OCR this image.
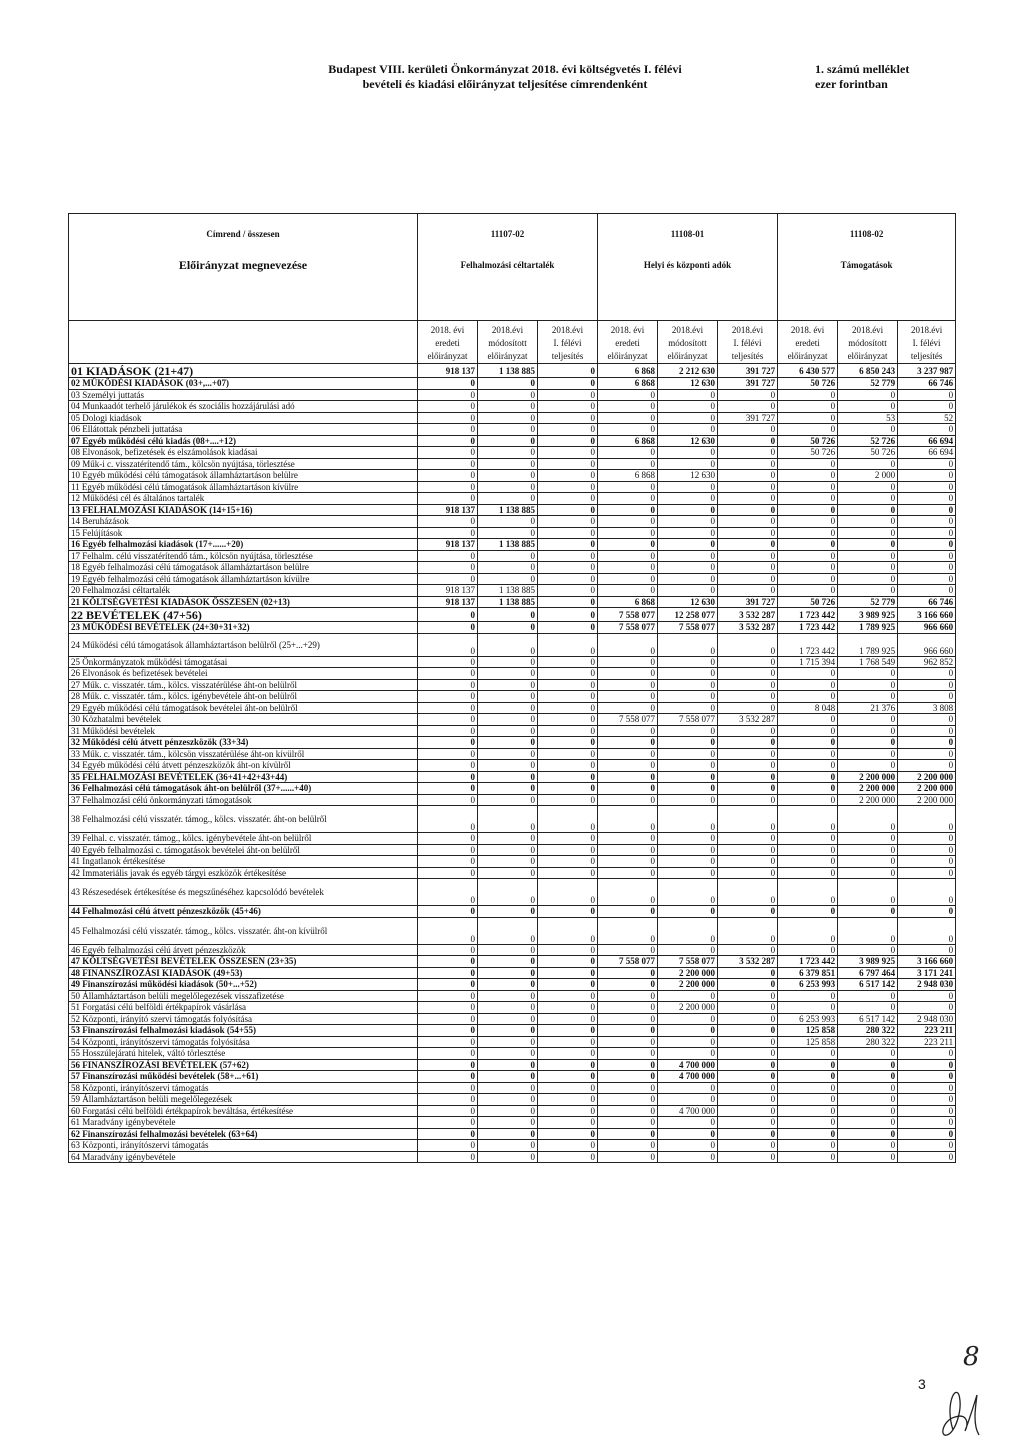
Budapest VIII. kerületi Önkormányzat 2018. évi költségvetés I. félévi
bevételi és kiadási előirányzat teljesítése címrendenként
1. számú melléklet
ezer forintban
Címrend / összesen	11107-02			11108-01			11108-02		
Előirányzat megnevezése	Felhalmozási céltartalék			Helyi és központi adók			Támogatások		

	2018. évi
eredeti
előirányzat	2018.évi
módosított
előirányzat	2018.évi
I. félévi
teljesítés	2018. évi
eredeti
előirányzat	2018.évi
módosított
előirányzat	2018.évi
I. félévi
teljesítés	2018. évi
eredeti
előirányzat	2018.évi
módosított
előirányzat	2018.évi
I. félévi
teljesítés

01 KIADÁSOK (21+47)	918 137	1 138 885	0	6 868	2 212 630	391 727	6 430 577	6 850 243	3 237 987
02 MŰKÖDÉSI KIADÁSOK (03+,...+07)	0	0	0	6 868	12 630	391 727	50 726	52 779	66 746
03 Személyi juttatás	0	0	0	0	0	0	0	0	0
04 Munkaadót terhelő járulékok és szociális hozzájárulási adó	0	0	0	0	0	0	0	0	0
05 Dologi kiadások	0	0	0	0	0	391 727	0	53	52
06 Ellátottak pénzbeli juttatása	0	0	0	0	0	0	0	0	0
07 Egyéb működési célú kiadás (08+....+12)	0	0	0	6 868	12 630	0	50 726	52 726	66 694
08 Elvonások, befizetések és elszámolások kiadásai	0	0	0	0	0	0	50 726	50 726	66 694
09 Műk-i c. visszatérítendő tám., kölcsön nyújtása, törlesztése	0	0	0	0	0	0	0	0	0
10 Egyéb működési célú támogatások államháztartáson belülre	0	0	0	6 868	12 630	0	0	2 000	0
11 Egyéb működési célú támogatások államháztartáson kívülre	0	0	0	0	0	0	0	0	0
12 Működési cél és általános tartalék	0	0	0	0	0	0	0	0	0
13 FELHALMOZÁSI KIADÁSOK (14+15+16)	918 137	1 138 885	0	0	0	0	0	0	0
14 Beruházások	0	0	0	0	0	0	0	0	0
15 Felújítások	0	0	0	0	0	0	0	0	0
16 Egyéb felhalmozási kiadások (17+......+20)	918 137	1 138 885	0	0	0	0	0	0	0
17 Felhalm. célú visszatérítendő tám., kölcsön nyújtása, törlesztése	0	0	0	0	0	0	0	0	0
18 Egyéb felhalmozási célú támogatások államháztartáson belülre	0	0	0	0	0	0	0	0	0
19 Egyéb felhalmozási célú támogatások államháztartáson kívülre	0	0	0	0	0	0	0	0	0
20 Felhalmozási céltartalék	918 137	1 138 885	0	0	0	0	0	0	0
21 KÖLTSÉGVETÉSI KIADÁSOK ÖSSZESEN (02+13)	918 137	1 138 885	0	6 868	12 630	391 727	50 726	52 779	66 746
22 BEVÉTELEK (47+56)	0	0	0	7 558 077	12 258 077	3 532 287	1 723 442	3 989 925	3 166 660
23 MŰKÖDÉSI BEVÉTELEK (24+30+31+32)	0	0	0	7 558 077	7 558 077	3 532 287	1 723 442	1 789 925	966 660
24 Működési célú támogatások államháztartáson belülről (25+...+29)	0	0	0	0	0	0	1 723 442	1 789 925	966 660
25 Önkormányzatok működési támogatásai	0	0	0	0	0	0	1 715 394	1 768 549	962 852
26 Elvonások és befizetések bevételei	0	0	0	0	0	0	0	0	0
27 Műk. c. visszatér. tám., kölcs. visszatérülése áht-on belülről	0	0	0	0	0	0	0	0	0
28 Műk. c. visszatér. tám., kölcs. igénybevétele áht-on belülről	0	0	0	0	0	0	0	0	0
29 Egyéb működési célú támogatások bevételei áht-on belülről	0	0	0	0	0	0	8 048	21 376	3 808
30 Közhatalmi bevételek	0	0	0	7 558 077	7 558 077	3 532 287	0	0	0
31 Működési bevételek	0	0	0	0	0	0	0	0	0
32 Működési célú átvett pénzeszközök (33+34)	0	0	0	0	0	0	0	0	0
33 Műk. c. visszatér. tám., kölcsön visszatérülése áht-on kívülről	0	0	0	0	0	0	0	0	0
34 Egyéb működési célú átvett pénzeszközök áht-on kívülről	0	0	0	0	0	0	0	0	0
35 FELHALMOZÁSI BEVÉTELEK (36+41+42+43+44)	0	0	0	0	0	0	0	2 200 000	2 200 000
36 Felhalmozási célú támogatások áht-on belülről (37+......+40)	0	0	0	0	0	0	0	2 200 000	2 200 000
37 Felhalmozási célú önkormányzati támogatások	0	0	0	0	0	0	0	2 200 000	2 200 000
38 Felhalmozási célú visszatér. támog., kölcs. visszatér. áht-on belülről	0	0	0	0	0	0	0	0	0
39 Felhal. c. visszatér. támog., kölcs. igénybevétele áht-on belülről	0	0	0	0	0	0	0	0	0
40 Egyéb felhalmozási c. támogatások bevételei áht-on belülről	0	0	0	0	0	0	0	0	0
41 Ingatlanok értékesítése	0	0	0	0	0	0	0	0	0
42 Immateriális javak és egyéb tárgyi eszközök értékesítése	0	0	0	0	0	0	0	0	0
43 Részesedések értékesítése és megszűnéséhez kapcsolódó bevételek	0	0	0	0	0	0	0	0	0
44 Felhalmozási célú átvett pénzeszközök (45+46)	0	0	0	0	0	0	0	0	0
45 Felhalmozási célú visszatér. támog., kölcs. visszatér. áht-on kívülről	0	0	0	0	0	0	0	0	0
46 Egyéb felhalmozási célú átvett pénzeszközök	0	0	0	0	0	0	0	0	0
47 KÖLTSÉGVETÉSI BEVÉTELEK ÖSSZESEN (23+35)	0	0	0	7 558 077	7 558 077	3 532 287	1 723 442	3 989 925	3 166 660
48 FINANSZÍROZÁSI KIADÁSOK (49+53)	0	0	0	0	2 200 000	0	6 379 851	6 797 464	3 171 241
49 Finanszírozási működési kiadások (50+...+52)	0	0	0	0	2 200 000	0	6 253 993	6 517 142	2 948 030
50 Államháztartáson belüli megelőlegezések visszafizetése	0	0	0	0	0	0	0	0	0
51 Forgatási célú belföldi értékpapírok vásárlása	0	0	0	0	2 200 000	0	0	0	0
52 Központi, irányító szervi támogatás folyósítása	0	0	0	0	0	0	6 253 993	6 517 142	2 948 030
53 Finanszírozási felhalmozási kiadások (54+55)	0	0	0	0	0	0	125 858	280 322	223 211
54 Központi, irányítószervi támogatás folyósítása	0	0	0	0	0	0	125 858	280 322	223 211
55 Hosszúlejáratú hitelek, váltó törlesztése	0	0	0	0	0	0	0	0	0
56 FINANSZÍROZÁSI BEVÉTELEK (57+62)	0	0	0	0	4 700 000	0	0	0	0
57 Finanszírozási működési bevételek (58+...+61)	0	0	0	0	4 700 000	0	0	0	0
58 Központi, irányítószervi támogatás	0	0	0	0	0	0	0	0	0
59 Államháztartáson belüli megelőlegezések	0	0	0	0	0	0	0	0	0
60 Forgatási célú belföldi értékpapírok beváltása, értékesítése	0	0	0	0	4 700 000	0	0	0	0
61 Maradvány igénybevétele	0	0	0	0	0	0	0	0	0
62 Finanszírozási felhalmozási bevételek (63+64)	0	0	0	0	0	0	0	0	0
63 Központi, irányítószervi támogatás	0	0	0	0	0	0	0	0	0
64 Maradvány igénybevétele	0	0	0	0	0	0	0	0	0
3
8
